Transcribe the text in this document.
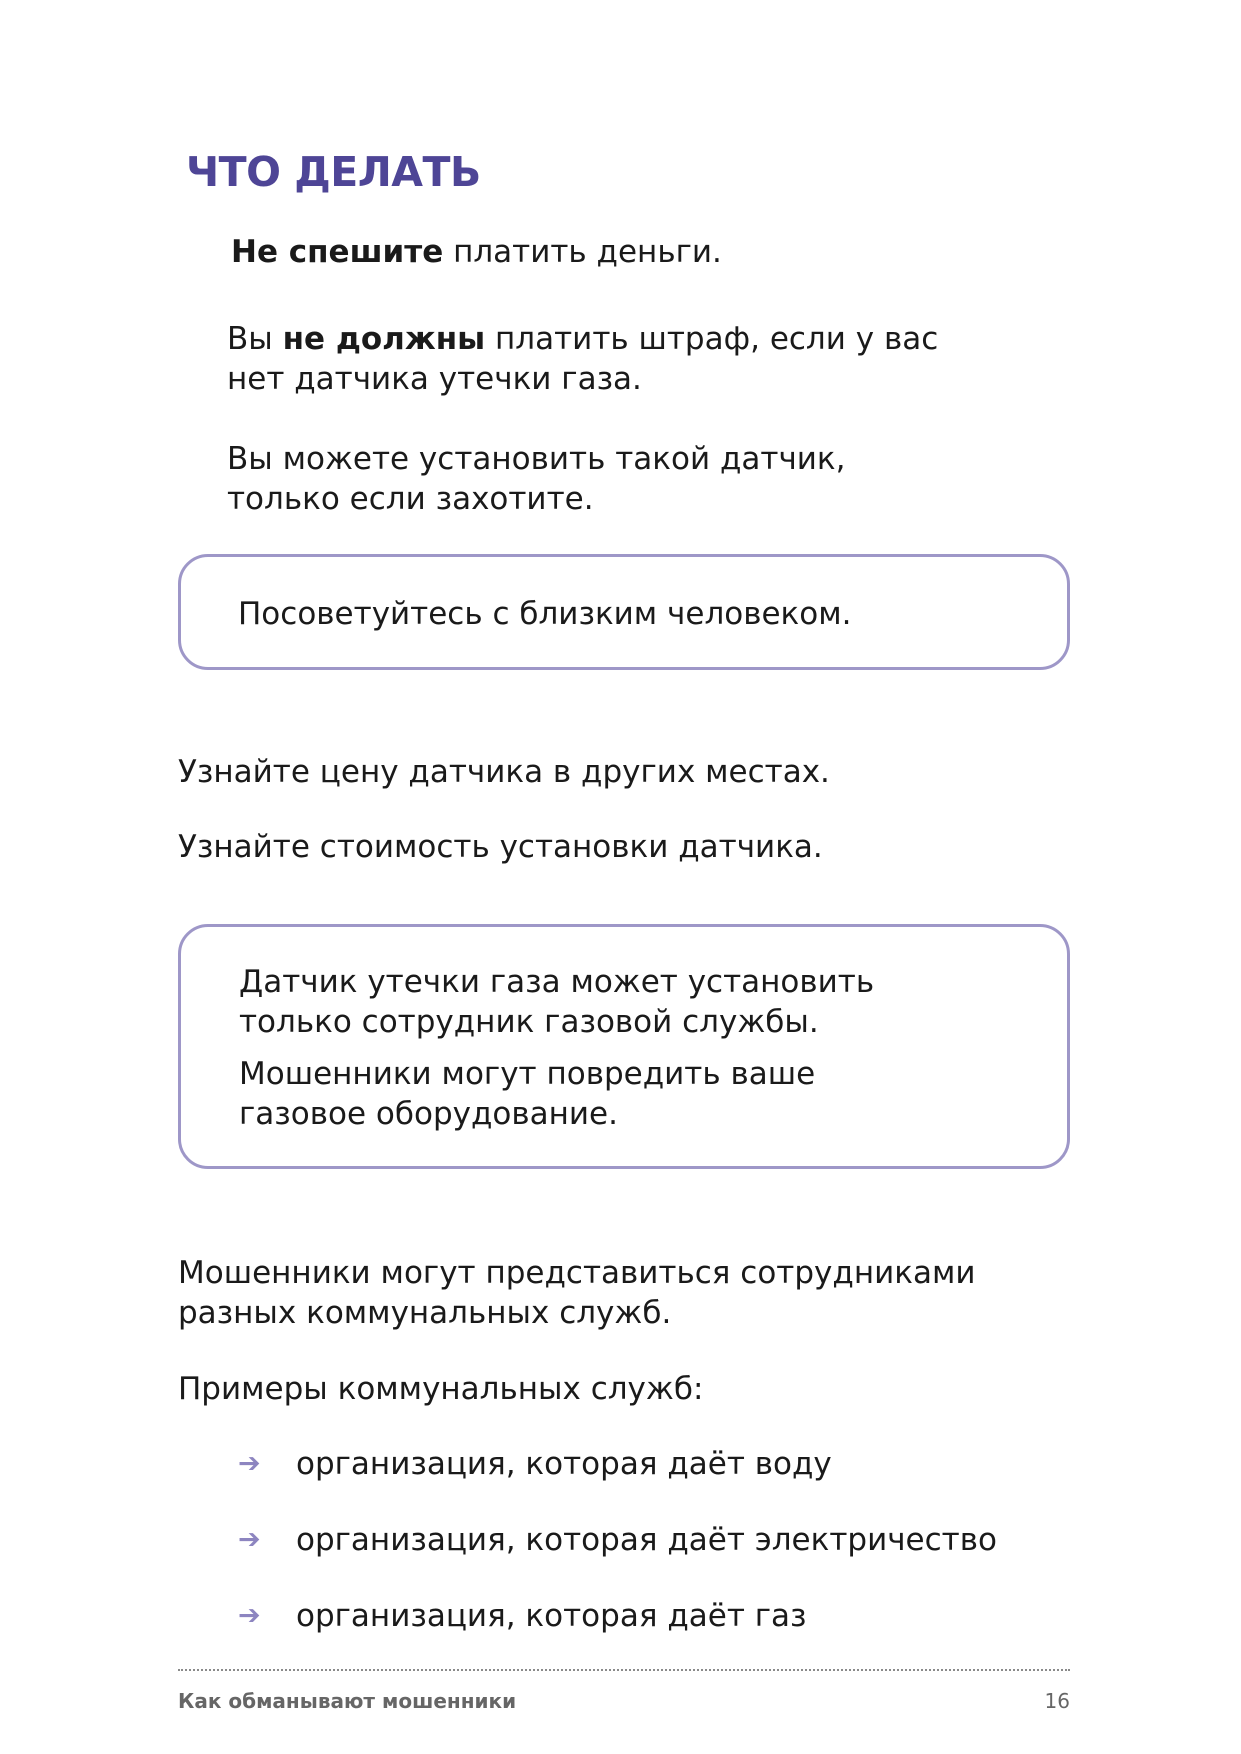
ЧТО ДЕЛАТЬ

Не спешите платить деньги.

Вы не должны платить штраф, если у вас

нет датчика утечки газа.

Вы можете установить такой датчик,

только если захотите.

Посоветуйтесь с близким человеком.

Узнайте цену датчика в других местах.

Узнайте стоимость установки датчика.

Датчик утечки газа может установить

только сотрудник газовой службы.

Мошенники могут повредить ваше

газовое оборудование.

Мошенники могут представиться сотрудниками

разных коммунальных служб.

Примеры коммунальных служб:

➔ организация, которая даёт воду

➔ организация, которая даёт электричество

➔ организация, которая даёт газ

Как обманывают мошенники	16
